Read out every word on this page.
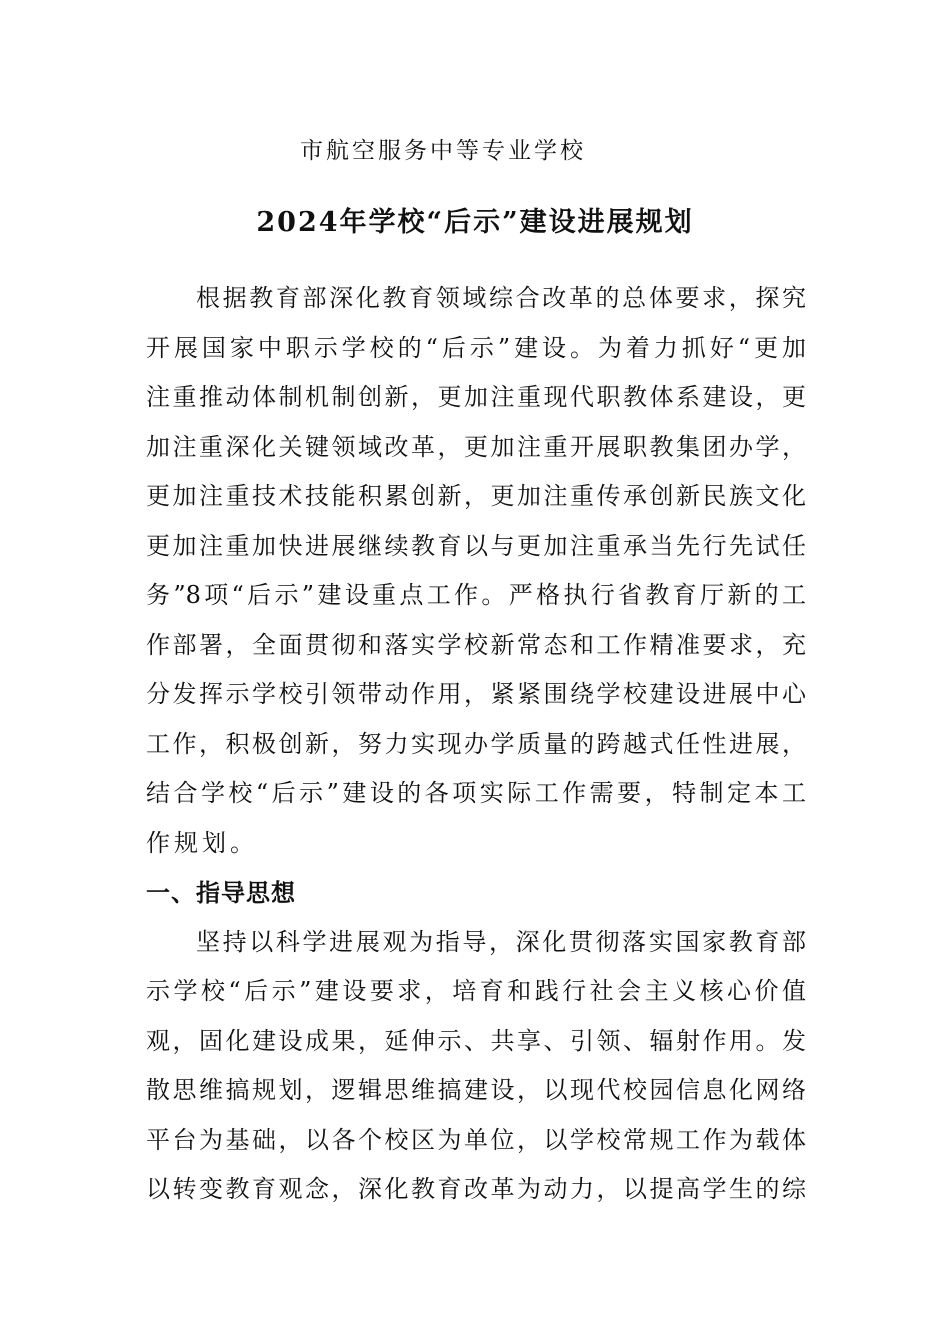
市航空服务中等专业学校
2024年学校“后示”建设进展规划
根据教育部深化教育领域综合改革的总体要求，探究
开展国家中职示学校的“后示”建设。为着力抓好“更加
注重推动体制机制创新，更加注重现代职教体系建设，更
加注重深化关键领域改革，更加注重开展职教集团办学，
更加注重技术技能积累创新，更加注重传承创新民族文化
更加注重加快进展继续教育以与更加注重承当先行先试任
务”8项“后示”建设重点工作。严格执行省教育厅新的工
作部署，全面贯彻和落实学校新常态和工作精准要求，充
分发挥示学校引领带动作用，紧紧围绕学校建设进展中心
工作，积极创新，努力实现办学质量的跨越式任性进展，
结合学校“后示”建设的各项实际工作需要，特制定本工
作规划。
一、指导思想
坚持以科学进展观为指导，深化贯彻落实国家教育部
示学校“后示”建设要求，培育和践行社会主义核心价值
观，固化建设成果，延伸示、共享、引领、辐射作用。发
散思维搞规划，逻辑思维搞建设，以现代校园信息化网络
平台为基础，以各个校区为单位，以学校常规工作为载体
以转变教育观念，深化教育改革为动力，以提高学生的综
